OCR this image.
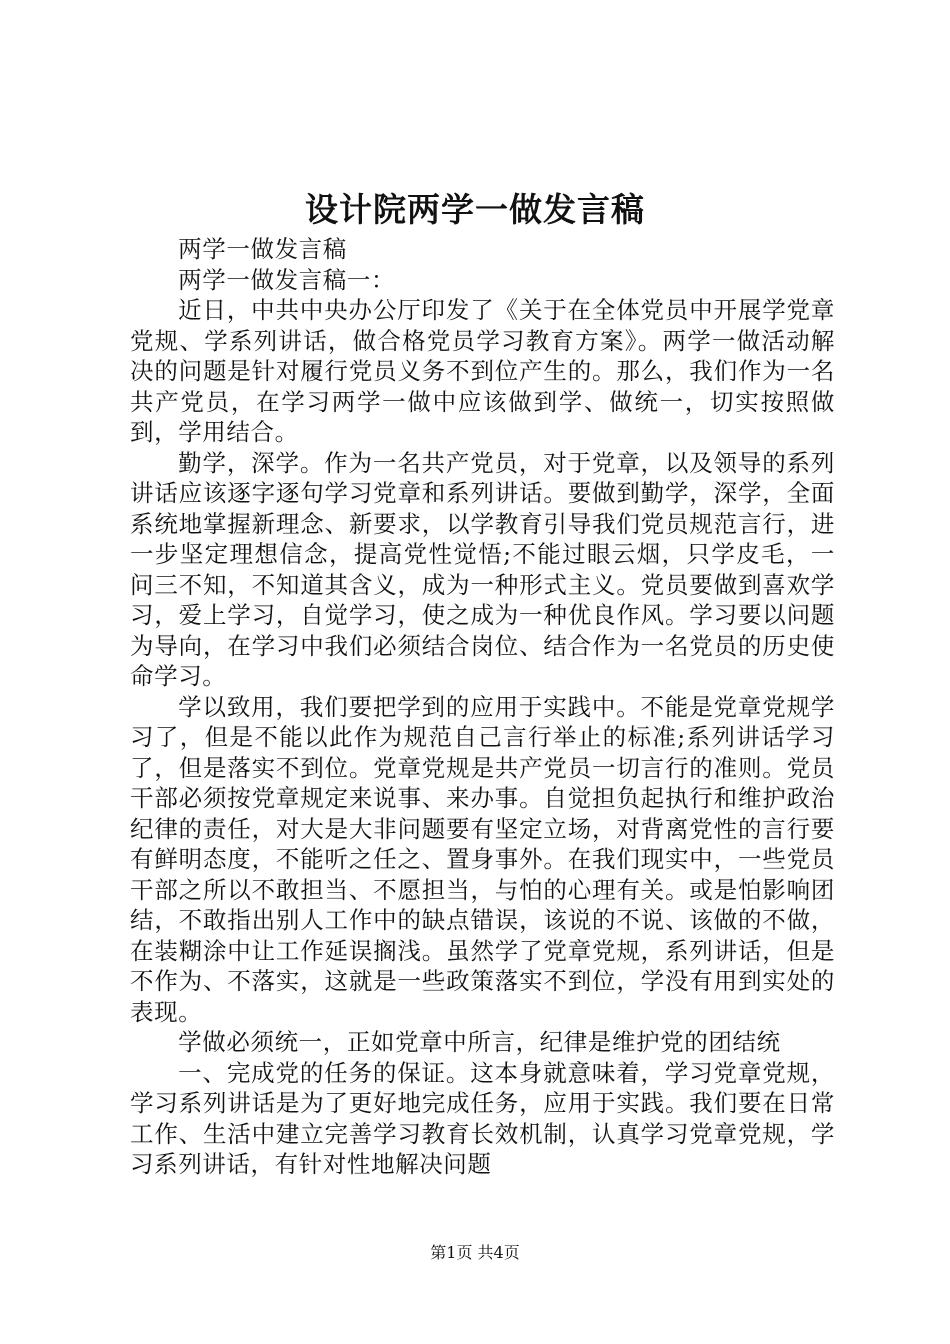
设计院两学一做发言稿

两学一做发言稿

两学一做发言稿一：

近日，中共中央办公厅印发了《关于在全体党员中开展学党章党规、学系列讲话，做合格党员学习教育方案》。两学一做活动解决的问题是针对履行党员义务不到位产生的。那么，我们作为一名共产党员，在学习两学一做中应该做到学、做统一，切实按照做到，学用结合。

勤学，深学。作为一名共产党员，对于党章，以及领导的系列讲话应该逐字逐句学习党章和系列讲话。要做到勤学，深学，全面系统地掌握新理念、新要求，以学教育引导我们党员规范言行，进一步坚定理想信念，提高党性觉悟;不能过眼云烟，只学皮毛，一问三不知，不知道其含义，成为一种形式主义。党员要做到喜欢学习，爱上学习，自觉学习，使之成为一种优良作风。学习要以问题为导向，在学习中我们必须结合岗位、结合作为一名党员的历史使命学习。

学以致用，我们要把学到的应用于实践中。不能是党章党规学习了，但是不能以此作为规范自己言行举止的标准;系列讲话学习了，但是落实不到位。党章党规是共产党员一切言行的准则。党员干部必须按党章规定来说事、来办事。自觉担负起执行和维护政治纪律的责任，对大是大非问题要有坚定立场，对背离党性的言行要有鲜明态度，不能听之任之、置身事外。在我们现实中，一些党员干部之所以不敢担当、不愿担当，与怕的心理有关。或是怕影响团结，不敢指出别人工作中的缺点错误，该说的不说、该做的不做，在装糊涂中让工作延误搁浅。虽然学了党章党规，系列讲话，但是不作为、不落实，这就是一些政策落实不到位，学没有用到实处的表现。

学做必须统一，正如党章中所言，纪律是维护党的团结统

一、完成党的任务的保证。这本身就意味着，学习党章党规，学习系列讲话是为了更好地完成任务，应用于实践。我们要在日常工作、生活中建立完善学习教育长效机制，认真学习党章党规，学习系列讲话，有针对性地解决问题

第1页 共4页
